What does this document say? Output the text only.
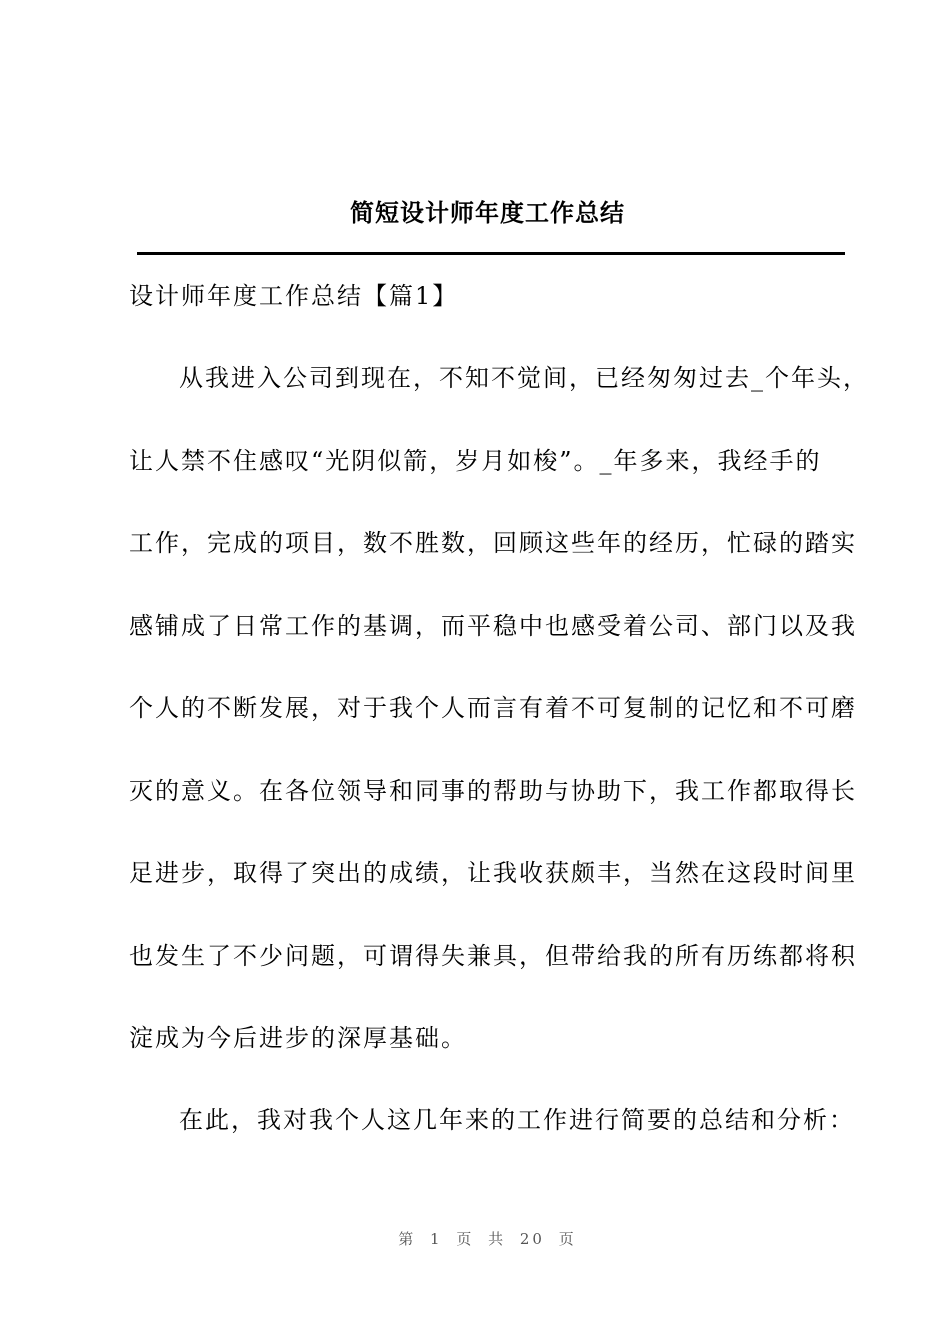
简短设计师年度工作总结

设计师年度工作总结【篇1】

从我进入公司到现在，不知不觉间，已经匆匆过去_个年头，
让人禁不住感叹“光阴似箭，岁月如梭”。_年多来，我经手的
工作，完成的项目，数不胜数，回顾这些年的经历，忙碌的踏实
感铺成了日常工作的基调，而平稳中也感受着公司、部门以及我
个人的不断发展，对于我个人而言有着不可复制的记忆和不可磨
灭的意义。在各位领导和同事的帮助与协助下，我工作都取得长
足进步，取得了突出的成绩，让我收获颇丰，当然在这段时间里
也发生了不少问题，可谓得失兼具，但带给我的所有历练都将积
淀成为今后进步的深厚基础。

在此，我对我个人这几年来的工作进行简要的总结和分析：

第 1 页 共 20 页
